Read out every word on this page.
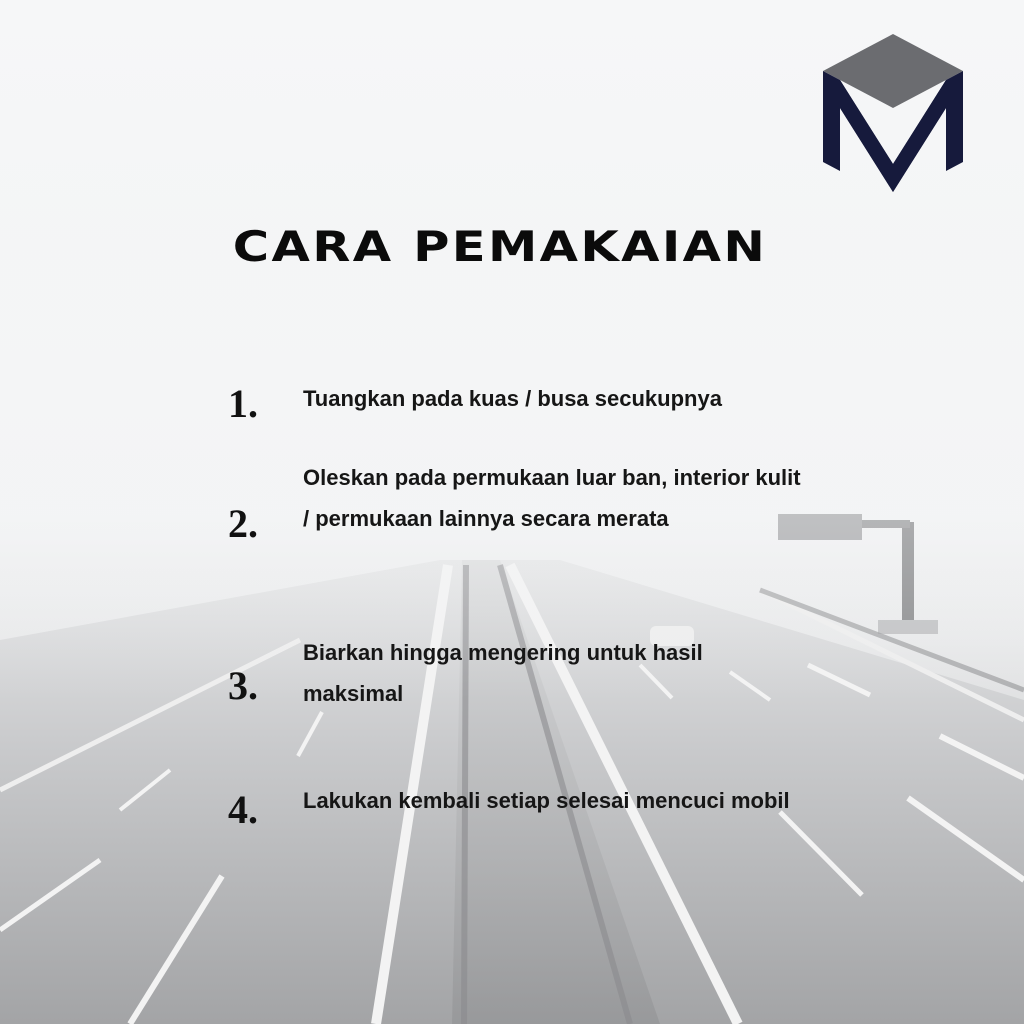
CARA PEMAKAIAN
1.	Tuangkan pada kuas / busa secukupnya
2.
Oleskan pada permukaan luar ban, interior kulit / permukaan lainnya secara merata
3.
Biarkan hingga mengering untuk hasil maksimal
4.	Lakukan kembali setiap selesai mencuci mobil
